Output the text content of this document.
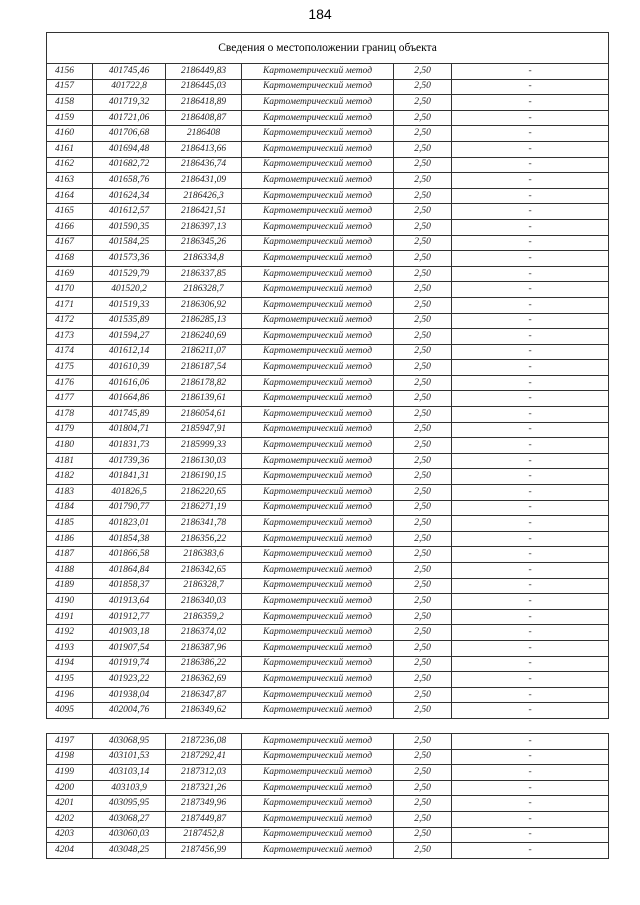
184
Сведения о местоположении границ объекта					
4156	401745,46	2186449,83	Картометрический метод	2,50	-
4157	401722,8	2186445,03	Картометрический метод	2,50	-
4158	401719,32	2186418,89	Картометрический метод	2,50	-
4159	401721,06	2186408,87	Картометрический метод	2,50	-
4160	401706,68	2186408	Картометрический метод	2,50	-
4161	401694,48	2186413,66	Картометрический метод	2,50	-
4162	401682,72	2186436,74	Картометрический метод	2,50	-
4163	401658,76	2186431,09	Картометрический метод	2,50	-
4164	401624,34	2186426,3	Картометрический метод	2,50	-
4165	401612,57	2186421,51	Картометрический метод	2,50	-
4166	401590,35	2186397,13	Картометрический метод	2,50	-
4167	401584,25	2186345,26	Картометрический метод	2,50	-
4168	401573,36	2186334,8	Картометрический метод	2,50	-
4169	401529,79	2186337,85	Картометрический метод	2,50	-
4170	401520,2	2186328,7	Картометрический метод	2,50	-
4171	401519,33	2186306,92	Картометрический метод	2,50	-
4172	401535,89	2186285,13	Картометрический метод	2,50	-
4173	401594,27	2186240,69	Картометрический метод	2,50	-
4174	401612,14	2186211,07	Картометрический метод	2,50	-
4175	401610,39	2186187,54	Картометрический метод	2,50	-
4176	401616,06	2186178,82	Картометрический метод	2,50	-
4177	401664,86	2186139,61	Картометрический метод	2,50	-
4178	401745,89	2186054,61	Картометрический метод	2,50	-
4179	401804,71	2185947,91	Картометрический метод	2,50	-
4180	401831,73	2185999,33	Картометрический метод	2,50	-
4181	401739,36	2186130,03	Картометрический метод	2,50	-
4182	401841,31	2186190,15	Картометрический метод	2,50	-
4183	401826,5	2186220,65	Картометрический метод	2,50	-
4184	401790,77	2186271,19	Картометрический метод	2,50	-
4185	401823,01	2186341,78	Картометрический метод	2,50	-
4186	401854,38	2186356,22	Картометрический метод	2,50	-
4187	401866,58	2186383,6	Картометрический метод	2,50	-
4188	401864,84	2186342,65	Картометрический метод	2,50	-
4189	401858,37	2186328,7	Картометрический метод	2,50	-
4190	401913,64	2186340,03	Картометрический метод	2,50	-
4191	401912,77	2186359,2	Картометрический метод	2,50	-
4192	401903,18	2186374,02	Картометрический метод	2,50	-
4193	401907,54	2186387,96	Картометрический метод	2,50	-
4194	401919,74	2186386,22	Картометрический метод	2,50	-
4195	401923,22	2186362,69	Картометрический метод	2,50	-
4196	401938,04	2186347,87	Картометрический метод	2,50	-
4095	402004,76	2186349,62	Картометрический метод	2,50	-

4197	403068,95	2187236,08	Картометрический метод	2,50	-
4198	403101,53	2187292,41	Картометрический метод	2,50	-
4199	403103,14	2187312,03	Картометрический метод	2,50	-
4200	403103,9	2187321,26	Картометрический метод	2,50	-
4201	403095,95	2187349,96	Картометрический метод	2,50	-
4202	403068,27	2187449,87	Картометрический метод	2,50	-
4203	403060,03	2187452,8	Картометрический метод	2,50	-
4204	403048,25	2187456,99	Картометрический метод	2,50	-
